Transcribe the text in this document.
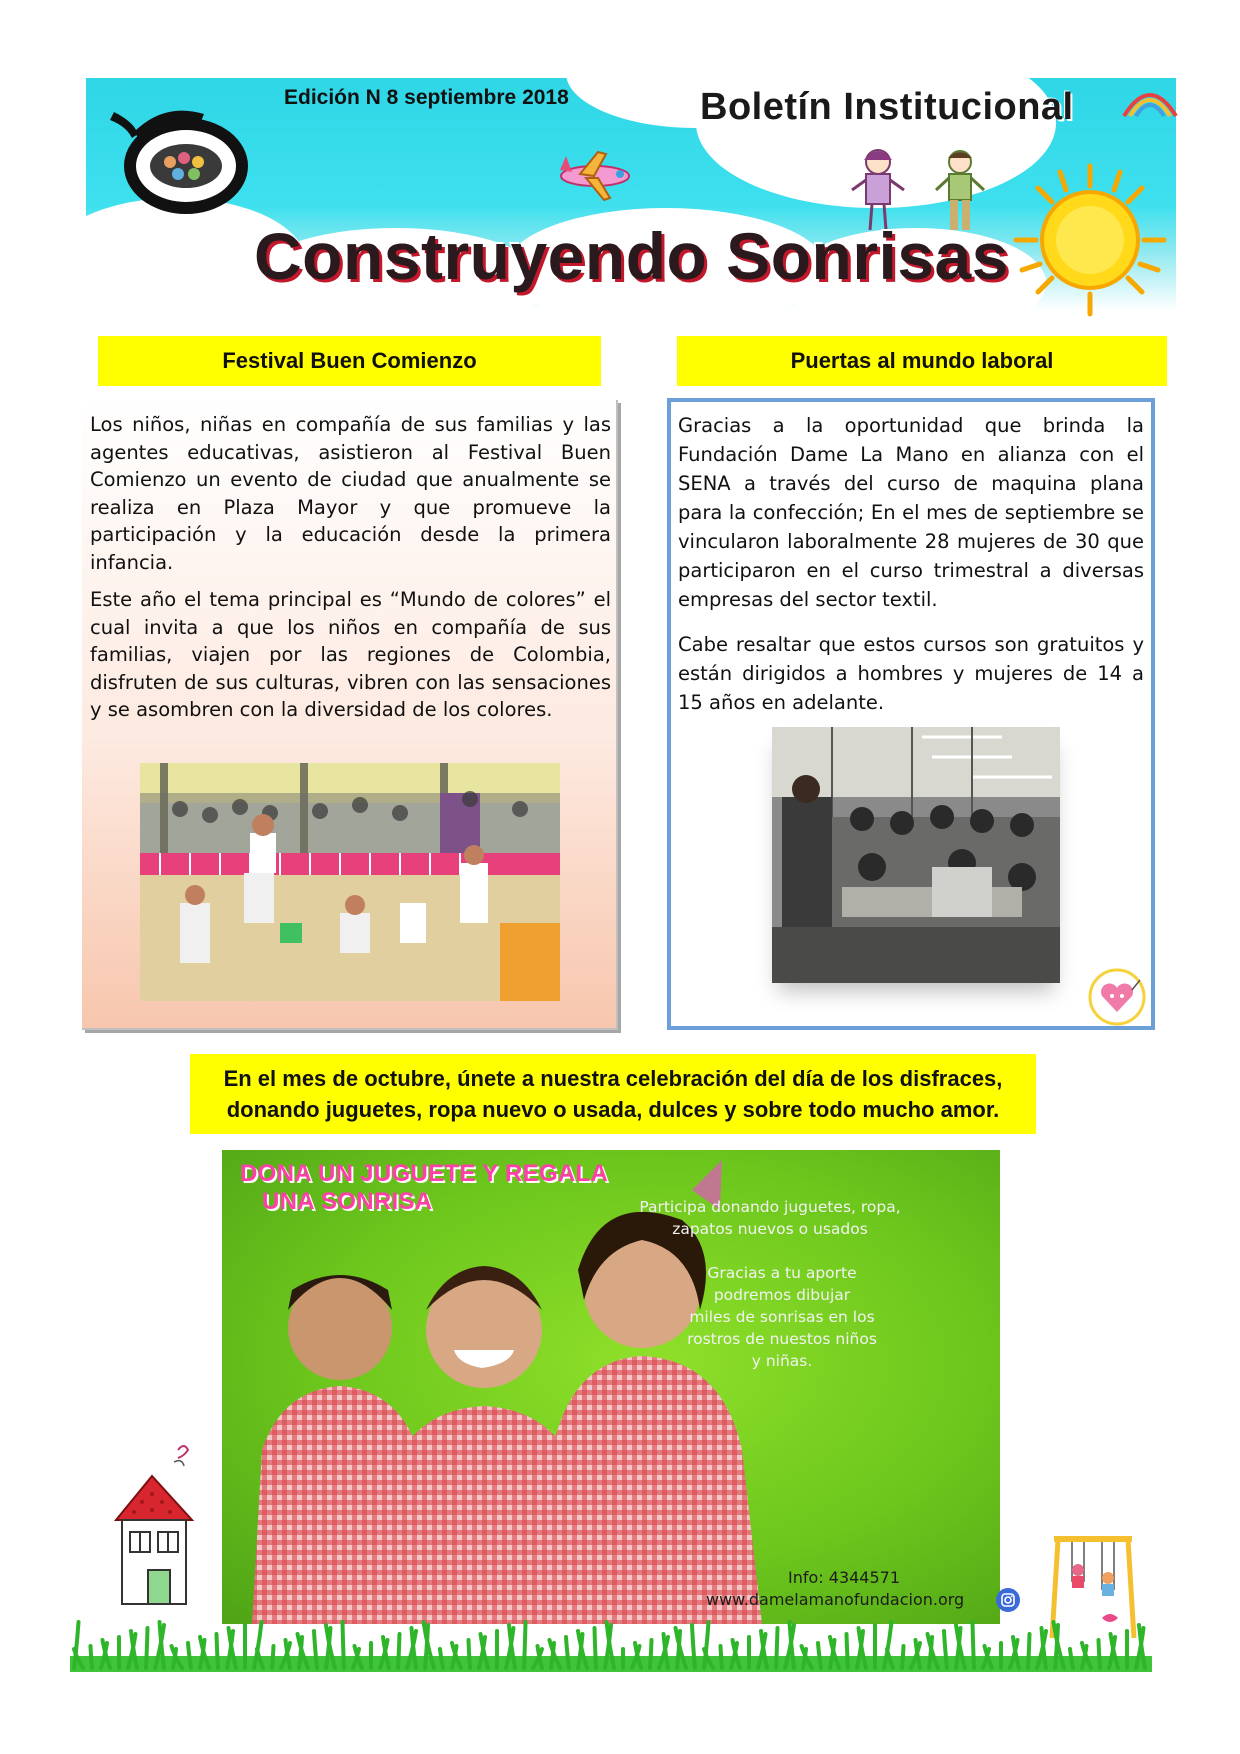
Edición N 8 septiembre 2018	Boletín Institucional
Construyendo Sonrisas
Festival Buen Comienzo	Puertas al mundo laboral
Los niños, niñas en compañía de sus familias y las agentes educativas, asistieron al Festival Buen Comienzo un evento de ciudad que anualmente se realiza en Plaza Mayor y que promueve la participación y la educación desde la primera infancia.
Este año el tema principal es “Mundo de colores” el cual invita a que los niños en compañía de sus familias, viajen por las regiones de Colombia, disfruten de sus culturas, vibren con las sensaciones y se asombren con la diversidad de los colores.
Gracias a la oportunidad que brinda la Fundación Dame La Mano en alianza con el SENA a través del curso de maquina plana para la confección; En el mes de septiembre se vincularon laboralmente 28 mujeres de 30 que participaron en el curso trimestral a diversas empresas del sector textil.
Cabe resaltar que estos cursos son gratuitos y están dirigidos a hombres y mujeres de 14 a 15 años en adelante.
En el mes de octubre, únete a nuestra celebración del día de los disfraces,
donando juguetes, ropa nuevo o usada, dulces y sobre todo mucho amor.
DONA UN JUGUETE Y REGALA
UNA SONRISA	Participa donando juguetes, ropa,
zapatos nuevos o usados
Gracias a tu aporte
podremos dibujar
miles de sonrisas en los
rostros de nuestos niños
y niñas.
Info: 4344571
www.damelamanofundacion.org
